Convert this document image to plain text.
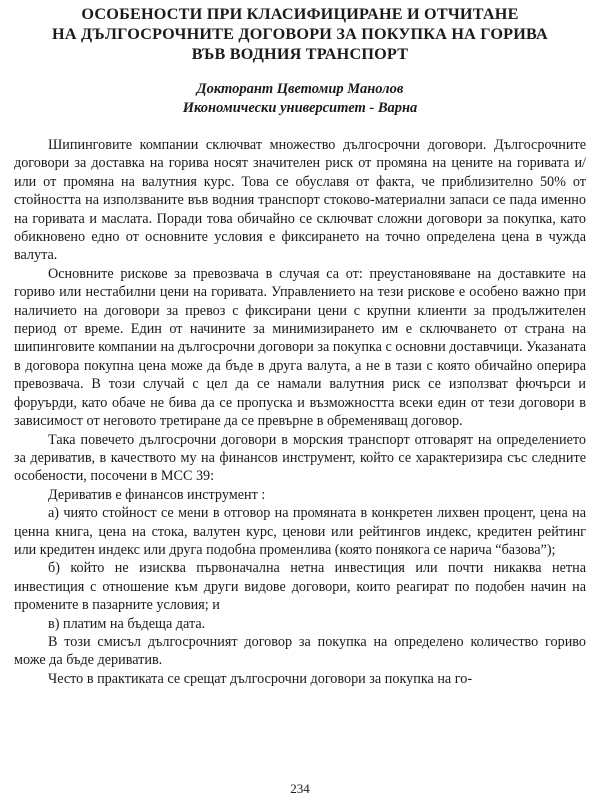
ОСОБЕНОСТИ ПРИ КЛАСИФИЦИРАНЕ И ОТЧИТАНЕ
НА ДЪЛГОСРОЧНИТЕ ДОГОВОРИ ЗА ПОКУПКА НА ГОРИВА
ВЪВ ВОДНИЯ ТРАНСПОРТ
Докторант Цветомир Манолов
Икономически университет - Варна

Шипинговите компании сключват множество дългосрочни договори. Дългосрочните договори за доставка на горива носят значителен риск от промяна на цените на горивата и/или от промяна на валутния курс. Това се обуславя от факта, че приблизително 50% от стойността на използваните във водния транспорт стоково-материални запаси се пада именно на горивата и маслата. Поради това обичайно се сключват сложни договори за покупка, като обикновено едно от основните условия е фиксирането на точно определена цена в чужда валута.

Основните рискове за превозвача в случая са от: преустановяване на доставките на гориво или нестабилни цени на горивата. Управлението на тези рискове е особено важно при наличието на договори за превоз с фиксирани цени с крупни клиенти за продължителен период от време. Един от начините за минимизирането им е сключването от страна на шипинговите компании на дългосрочни договори за покупка с основни доставчици. Указаната в договора покупна цена може да бъде в друга валута, а не в тази с която обичайно оперира превозвача. В този случай с цел да се намали валутния риск се използват фючърси и форуърди, като обаче не бива да се пропуска и възможността всеки един от тези договори в зависимост от неговото третиране да се превърне в обременяващ договор.

Така повечето дългосрочни договори в морския транспорт отговарят на определението за дериватив, в качеството му на финансов инструмент, който се характеризира със следните особености, посочени в МСС 39:

Дериватив е финансов инструмент :

а) чиято стойност се мени в отговор на промяната в конкретен лихвен процент, цена на ценна книга, цена на стока, валутен курс, ценови или рейтингов индекс, кредитен рейтинг или кредитен индекс или друга подобна променлива (която понякога се нарича “базова”);

б) който не изисква първоначална нетна инвестиция или почти никаква нетна инвестиция с отношение към други видове договори, които реагират по подобен начин на промените в пазарните условия; и

в) платим на бъдеща дата.

В този смисъл дългосрочният договор за покупка на определено количество гориво може да бъде дериватив.

Често в практиката се срещат дългосрочни договори за покупка на го-

234
